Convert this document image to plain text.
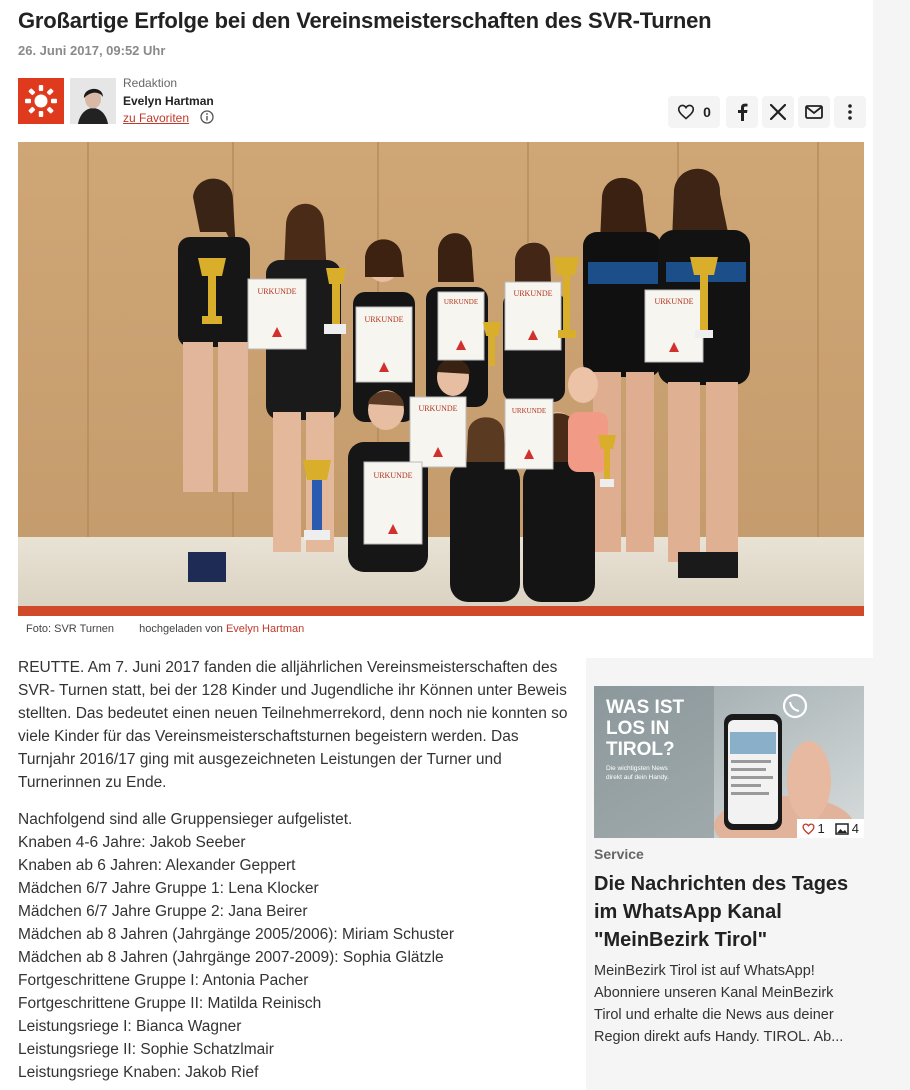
Großartige Erfolge bei den Vereinsmeisterschaften des SVR-Turnen
26. Juni 2017, 09:52 Uhr
Redaktion
Evelyn Hartman
zu Favoriten	0
URKUNDE
URKUNDE
URKUNDE
URKUNDE
URKUNDE
URKUNDE	URKUNDE
URKUNDE
Foto: SVR Turnen hochgeladen von Evelyn Hartman

REUTTE. Am 7. Juni 2017 fanden die alljährlichen Vereinsmeisterschaften des SVR- Turnen statt, bei der 128 Kinder und Jugendliche ihr Können unter Beweis stellten. Das bedeutet einen neuen Teilnehmerrekord, denn noch nie konnten so viele Kinder für das Vereinsmeisterschaftsturnen begeistern werden. Das Turnjahr 2016/17 ging mit ausgezeichneten Leistungen der Turner und Turnerinnen zu Ende.

Nachfolgend sind alle Gruppensieger aufgelistet.
Knaben 4-6 Jahre: Jakob Seeber
Knaben ab 6 Jahren: Alexander Geppert
Mädchen 6/7 Jahre Gruppe 1: Lena Klocker
Mädchen 6/7 Jahre Gruppe 2: Jana Beirer
Mädchen ab 8 Jahren (Jahrgänge 2005/2006): Miriam Schuster
Mädchen ab 8 Jahren (Jahrgänge 2007-2009): Sophia Glätzle
Fortgeschrittene Gruppe I: Antonia Pacher
Fortgeschrittene Gruppe II: Matilda Reinisch
Leistungsriege I: Bianca Wagner
Leistungsriege II: Sophie Schatzlmair
Leistungsriege Knaben: Jakob Rief
WAS IST
LOS IN
TIROL?
Die wichtigsten News
direkt auf dein Handy.
1 4
Service
Die Nachrichten des Tages im WhatsApp Kanal "MeinBezirk Tirol"
MeinBezirk Tirol ist auf WhatsApp! Abonniere unseren Kanal MeinBezirk Tirol und erhalte die News aus deiner Region direkt aufs Handy. TIROL. Ab...
